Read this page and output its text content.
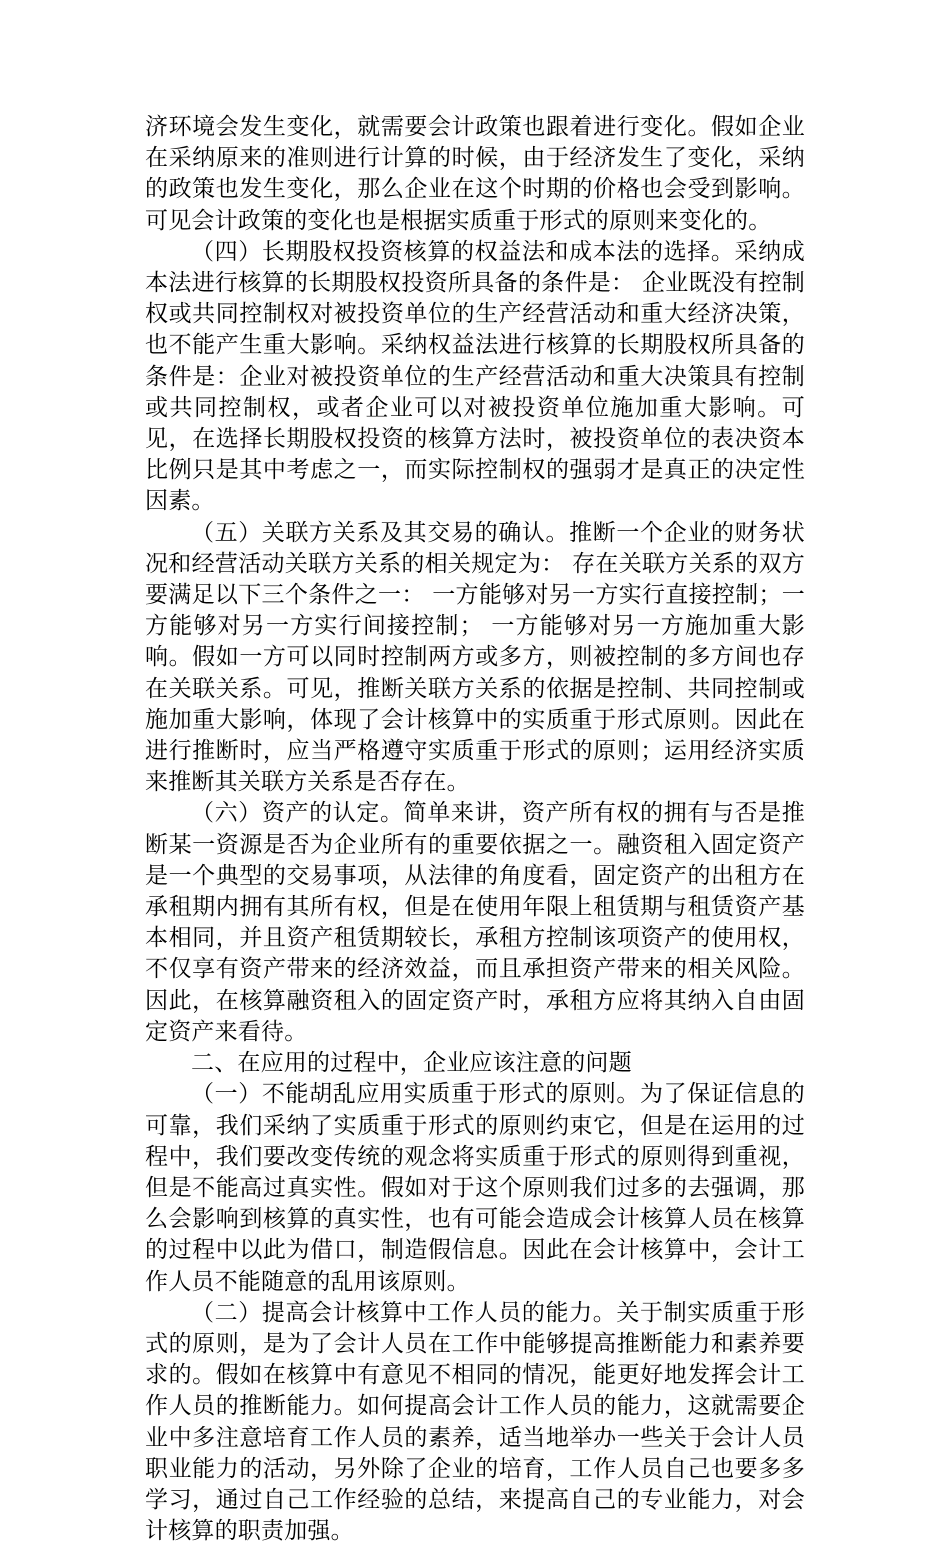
济环境会发生变化，就需要会计政策也跟着进行变化。假如企业在采纳原来的准则进行计算的时候，由于经济发生了变化，采纳的政策也发生变化，那么企业在这个时期的价格也会受到影响。可见会计政策的变化也是根据实质重于形式的原则来变化的。

（四）长期股权投资核算的权益法和成本法的选择。采纳成本法进行核算的长期股权投资所具备的条件是： 企业既没有控制权或共同控制权对被投资单位的生产经营活动和重大经济决策，也不能产生重大影响。采纳权益法进行核算的长期股权所具备的条件是：企业对被投资单位的生产经营活动和重大决策具有控制或共同控制权，或者企业可以对被投资单位施加重大影响。可见，在选择长期股权投资的核算方法时，被投资单位的表决资本比例只是其中考虑之一，而实际控制权的强弱才是真正的决定性因素。

（五）关联方关系及其交易的确认。推断一个企业的财务状况和经营活动关联方关系的相关规定为： 存在关联方关系的双方要满足以下三个条件之一： 一方能够对另一方实行直接控制；一方能够对另一方实行间接控制； 一方能够对另一方施加重大影响。假如一方可以同时控制两方或多方，则被控制的多方间也存在关联关系。可见，推断关联方关系的依据是控制、共同控制或施加重大影响，体现了会计核算中的实质重于形式原则。因此在进行推断时，应当严格遵守实质重于形式的原则；运用经济实质来推断其关联方关系是否存在。

（六）资产的认定。简单来讲，资产所有权的拥有与否是推断某一资源是否为企业所有的重要依据之一。融资租入固定资产是一个典型的交易事项，从法律的角度看，固定资产的出租方在承租期内拥有其所有权，但是在使用年限上租赁期与租赁资产基本相同，并且资产租赁期较长，承租方控制该项资产的使用权，不仅享有资产带来的经济效益，而且承担资产带来的相关风险。因此，在核算融资租入的固定资产时，承租方应将其纳入自由固定资产来看待。

二、在应用的过程中，企业应该注意的问题

（一）不能胡乱应用实质重于形式的原则。为了保证信息的可靠，我们采纳了实质重于形式的原则约束它，但是在运用的过程中，我们要改变传统的观念将实质重于形式的原则得到重视，但是不能高过真实性。假如对于这个原则我们过多的去强调，那么会影响到核算的真实性，也有可能会造成会计核算人员在核算的过程中以此为借口，制造假信息。因此在会计核算中，会计工作人员不能随意的乱用该原则。

（二）提高会计核算中工作人员的能力。关于制实质重于形式的原则，是为了会计人员在工作中能够提高推断能力和素养要求的。假如在核算中有意见不相同的情况，能更好地发挥会计工作人员的推断能力。如何提高会计工作人员的能力，这就需要企业中多注意培育工作人员的素养，适当地举办一些关于会计人员职业能力的活动，另外除了企业的培育，工作人员自己也要多多学习，通过自己工作经验的总结，来提高自己的专业能力，对会计核算的职责加强。
